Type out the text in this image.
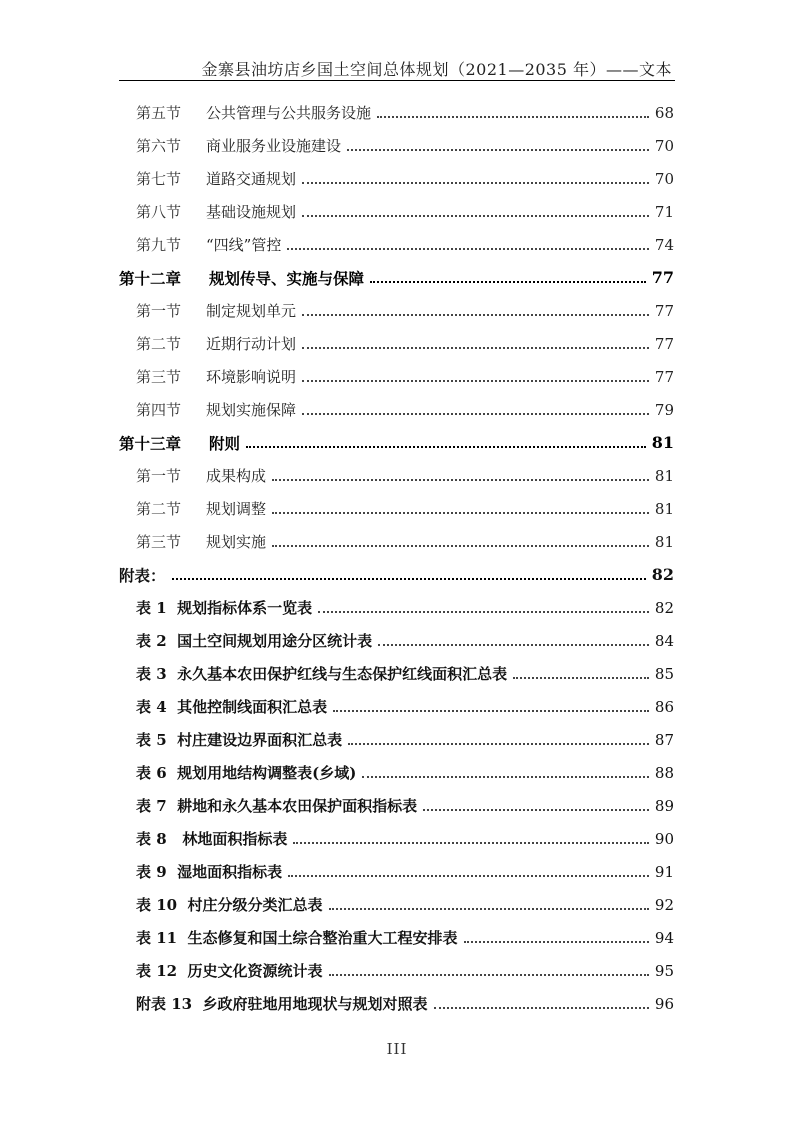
金寨县油坊店乡国土空间总体规划（2021—2035 年）——文本
第五节	公共管理与公共服务设施	68
第六节	商业服务业设施建设	70
第七节	道路交通规划	70
第八节	基础设施规划	71
第九节	“四线”管控	74
第十二章	规划传导、实施与保障	77
第一节	制定规划单元	77
第二节	近期行动计划	77
第三节	环境影响说明	77
第四节	规划实施保障	79
第十三章	附则	81
第一节	成果构成	81
第二节	规划调整	81
第三节	规划实施	81
附表：	82
表 1  规划指标体系一览表	82
表 2  国土空间规划用途分区统计表	84
表 3  永久基本农田保护红线与生态保护红线面积汇总表	85
表 4  其他控制线面积汇总表	86
表 5  村庄建设边界面积汇总表	87
表 6  规划用地结构调整表(乡域)	88
表 7  耕地和永久基本农田保护面积指标表	89
表 8   林地面积指标表	90
表 9  湿地面积指标表	91
表 10  村庄分级分类汇总表	92
表 11  生态修复和国土综合整治重大工程安排表	94
表 12  历史文化资源统计表	95
附表 13  乡政府驻地用地现状与规划对照表	96
III
